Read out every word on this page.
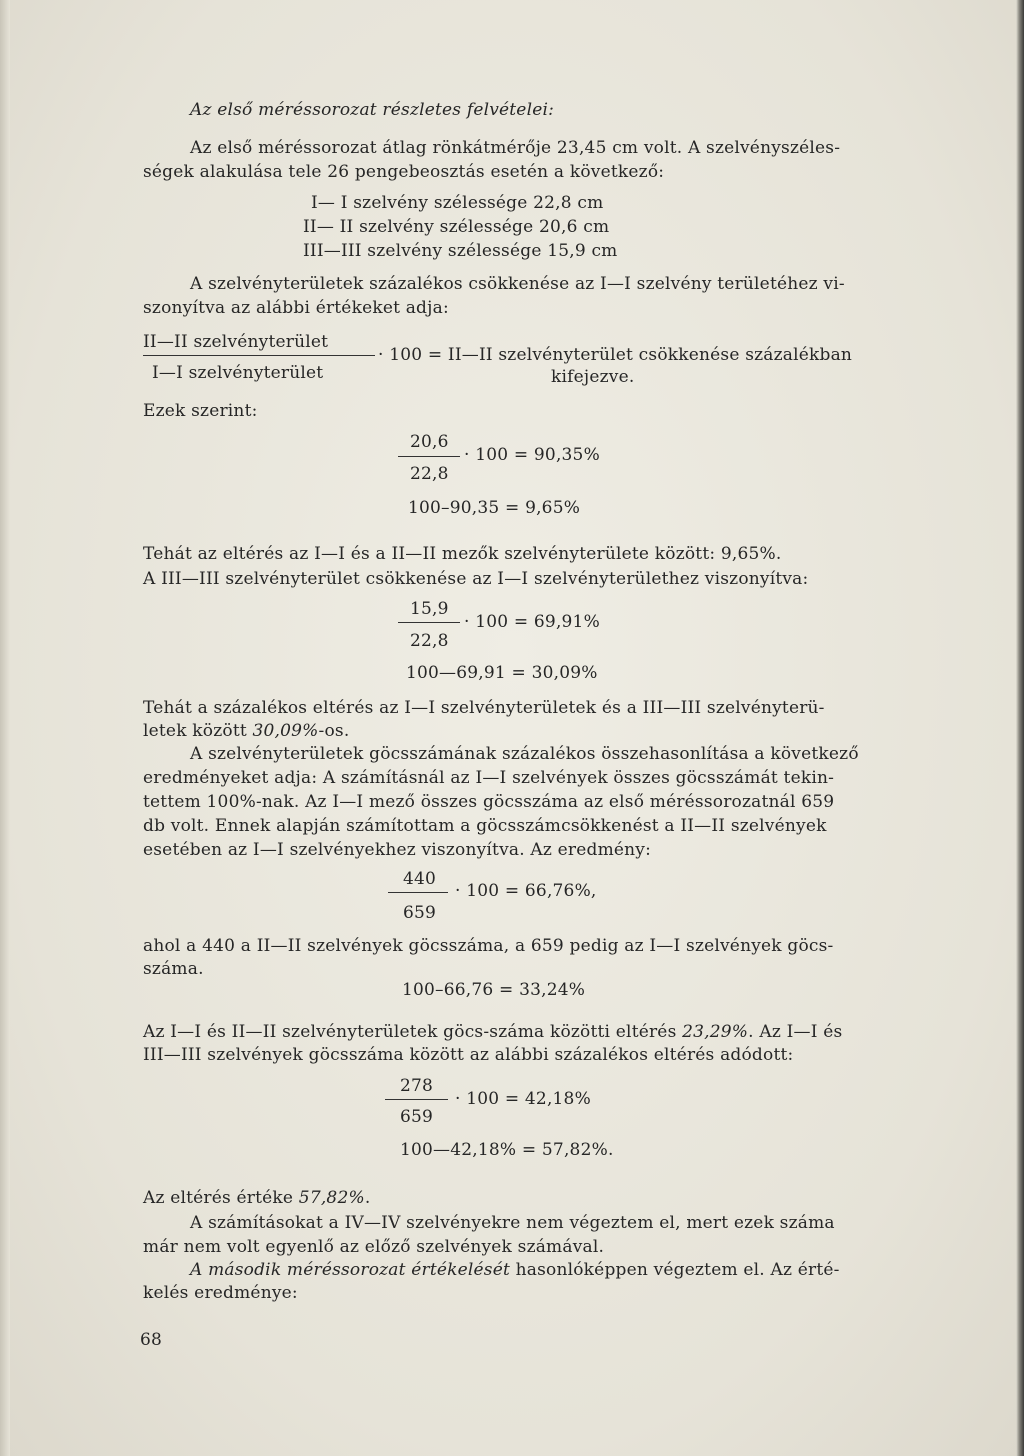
Az első méréssorozat részletes felvételei:
Az első méréssorozat átlag rönkátmérője 23,45 cm volt. A szelvényszéles-
ségek alakulása tele 26 pengebeosztás esetén a következő:
I— I szelvény szélessége 22,8 cm
II— II szelvény szélessége 20,6 cm
III—III szelvény szélessége 15,9 cm
A szelvényterületek százalékos csökkenése az I—I szelvény területéhez vi-
szonyítva az alábbi értékeket adja:
II—II szelvényterület
I—I szelvényterület
· 100 = II—II szelvényterület csökkenése százalékban
kifejezve.
Ezek szerint:
20,6
22,8
· 100 = 90,35%
100–90,35 = 9,65%
Tehát az eltérés az I—I és a II—II mezők szelvényterülete között: 9,65%.
A III—III szelvényterület csökkenése az I—I szelvényterülethez viszonyítva:
15,9
22,8
· 100 = 69,91%
100—69,91 = 30,09%
Tehát a százalékos eltérés az I—I szelvényterületek és a III—III szelvényterü-
letek között 30,09%-os.
A szelvényterületek göcsszámának százalékos összehasonlítása a következő
eredményeket adja: A számításnál az I—I szelvények összes göcsszámát tekin-
tettem 100%-nak. Az I—I mező összes göcsszáma az első méréssorozatnál 659
db volt. Ennek alapján számítottam a göcsszámcsökkenést a II—II szelvények
esetében az I—I szelvényekhez viszonyítva. Az eredmény:
440
659
· 100 = 66,76%,
ahol a 440 a II—II szelvények göcsszáma, a 659 pedig az I—I szelvények göcs-
száma.
100–66,76 = 33,24%
Az I—I és II—II szelvényterületek göcs-száma közötti eltérés 23,29%. Az I—I és
III—III szelvények göcsszáma között az alábbi százalékos eltérés adódott:
278
659
· 100 = 42,18%
100—42,18% = 57,82%.
Az eltérés értéke 57,82%.
A számításokat a IV—IV szelvényekre nem végeztem el, mert ezek száma
már nem volt egyenlő az előző szelvények számával.
A második méréssorozat értékelését hasonlóképpen végeztem el. Az érté-
kelés eredménye:
68
